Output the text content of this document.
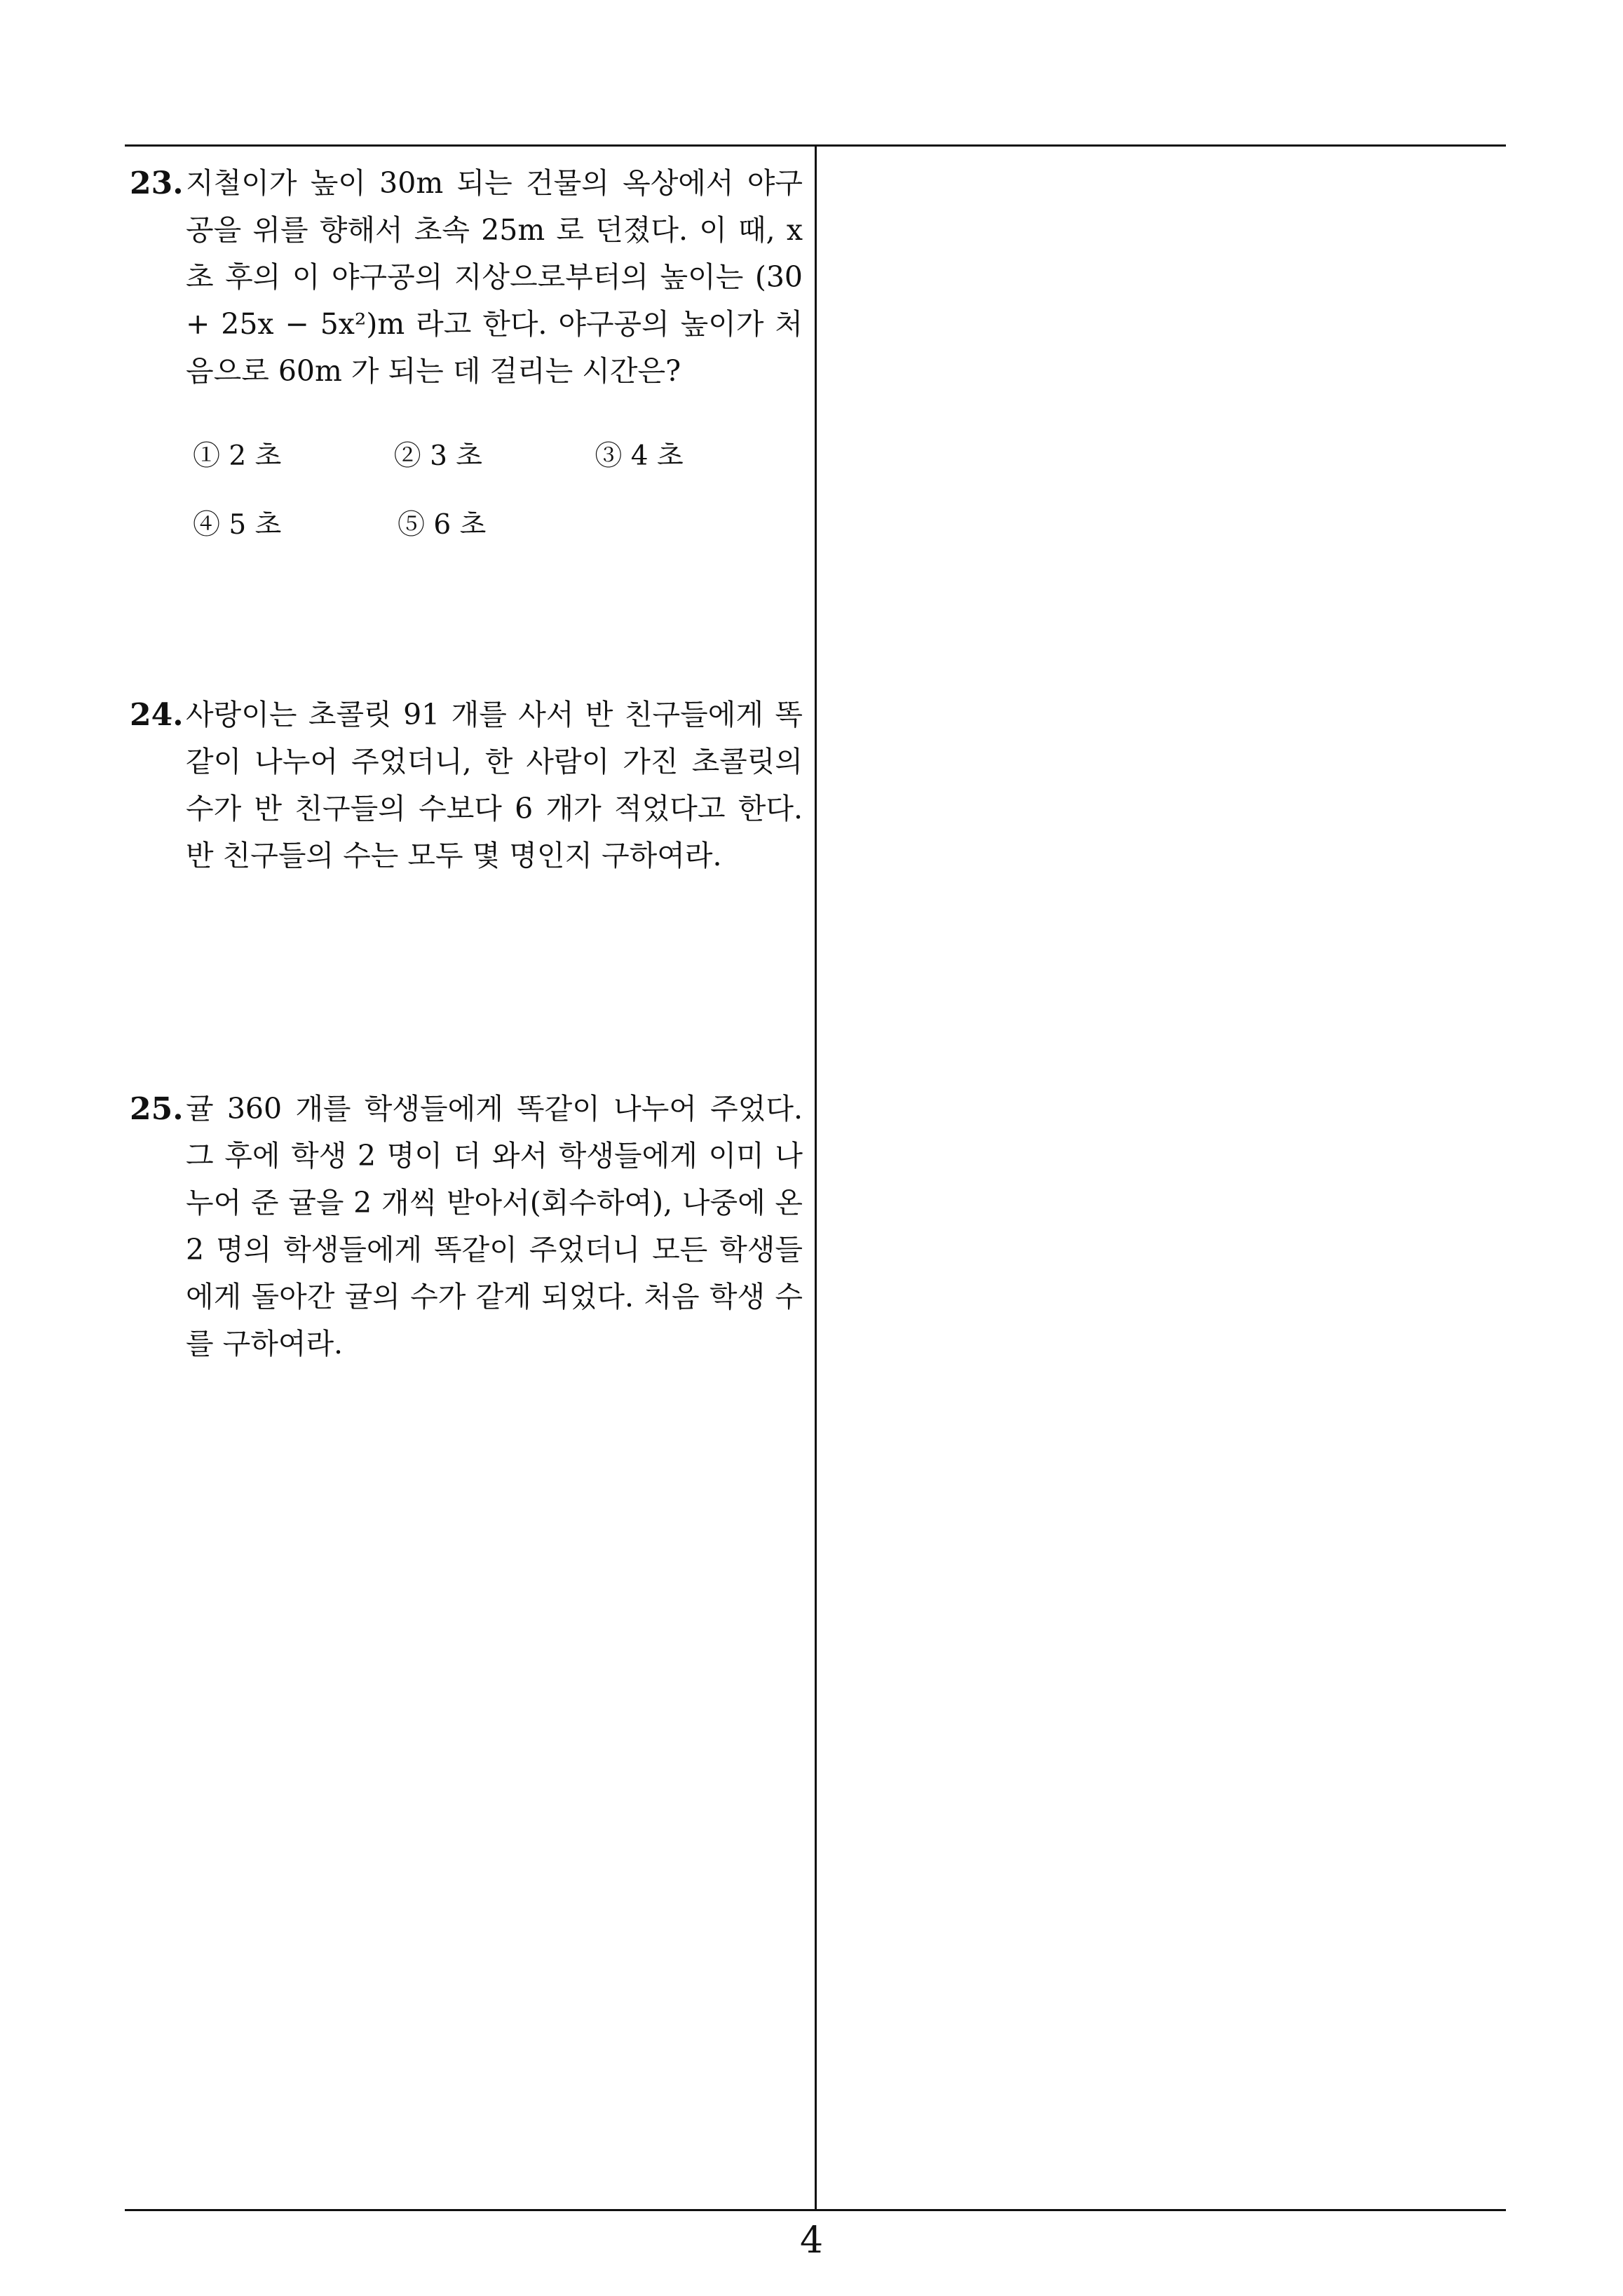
23. 지철이가 높이 30m 되는 건물의 옥상에서 야구공을 위를 향해서 초속 25m 로 던졌다. 이 때, x 초 후의 이 야구공의 지상으로부터의 높이는 (30 + 25x − 5x²)m 라고 한다. 야구공의 높이가 처음으로 60m 가 되는 데 걸리는 시간은?
① 2 초	② 3 초	③ 4 초
④ 5 초	⑤ 6 초
24. 사랑이는 초콜릿 91 개를 사서 반 친구들에게 똑같이 나누어 주었더니, 한 사람이 가진 초콜릿의 수가 반 친구들의 수보다 6 개가 적었다고 한다. 반 친구들의 수는 모두 몇 명인지 구하여라.
25. 귤 360 개를 학생들에게 똑같이 나누어 주었다. 그 후에 학생 2 명이 더 와서 학생들에게 이미 나누어 준 귤을 2 개씩 받아서(회수하여), 나중에 온 2 명의 학생들에게 똑같이 주었더니 모든 학생들에게 돌아간 귤의 수가 같게 되었다. 처음 학생 수를 구하여라.
4
